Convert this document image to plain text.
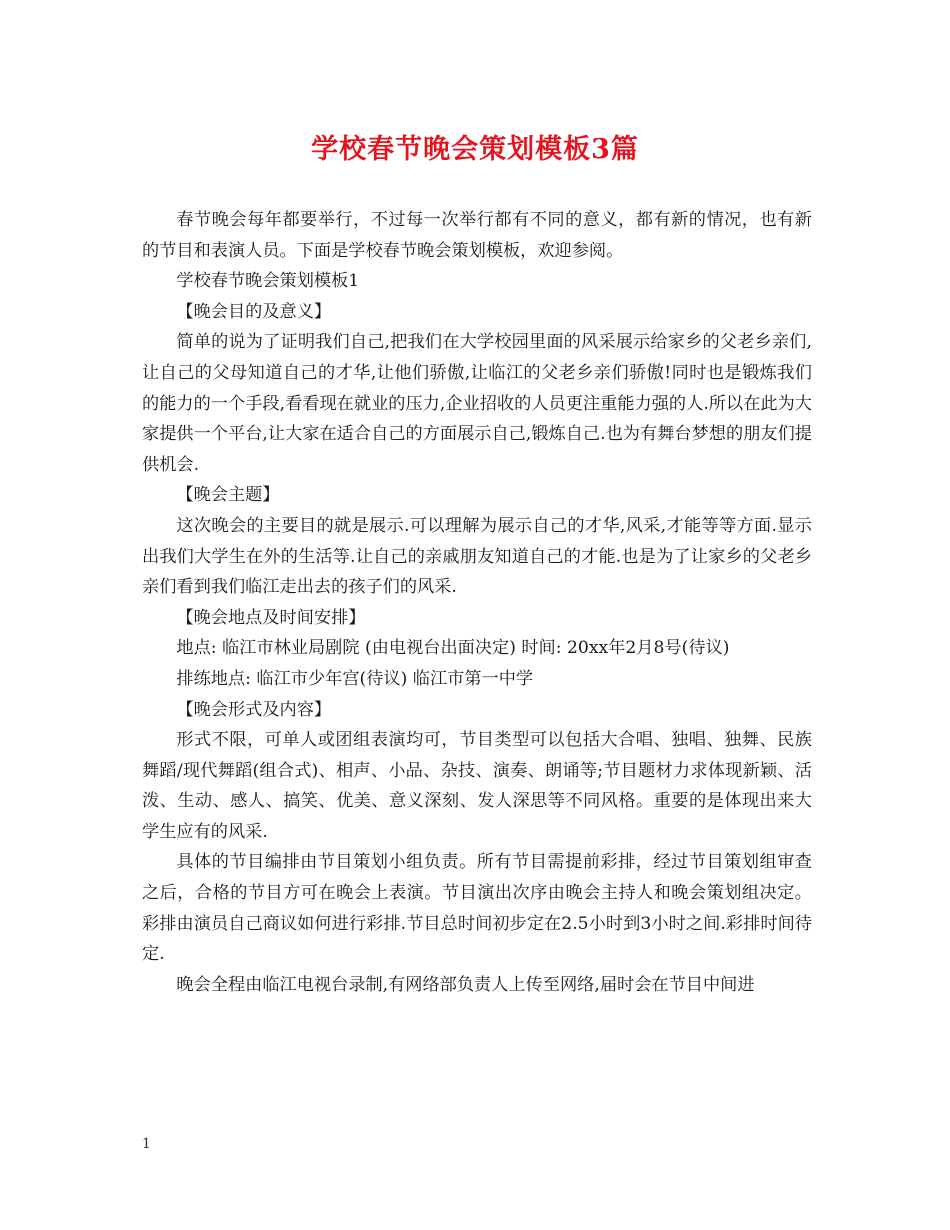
学校春节晚会策划模板3篇

春节晚会每年都要举行，不过每一次举行都有不同的意义，都有新的情况，也有新的节目和表演人员。下面是学校春节晚会策划模板，欢迎参阅。

学校春节晚会策划模板1

【晚会目的及意义】

简单的说为了证明我们自己,把我们在大学校园里面的风采展示给家乡的父老乡亲们,让自己的父母知道自己的才华,让他们骄傲,让临江的父老乡亲们骄傲!同时也是锻炼我们的能力的一个手段,看看现在就业的压力,企业招收的人员更注重能力强的人.所以在此为大家提供一个平台,让大家在适合自己的方面展示自己,锻炼自己.也为有舞台梦想的朋友们提供机会.

【晚会主题】

这次晚会的主要目的就是展示.可以理解为展示自己的才华,风采,才能等等方面.显示出我们大学生在外的生活等.让自己的亲戚朋友知道自己的才能.也是为了让家乡的父老乡亲们看到我们临江走出去的孩子们的风采.

【晚会地点及时间安排】

地点: 临江市林业局剧院 (由电视台出面决定) 时间: 20xx年2月8号(待议)

排练地点: 临江市少年宫(待议) 临江市第一中学

【晚会形式及内容】

形式不限，可单人或团组表演均可，节目类型可以包括大合唱、独唱、独舞、民族舞蹈/现代舞蹈(组合式)、相声、小品、杂技、演奏、朗诵等;节目题材力求体现新颖、活泼、生动、感人、搞笑、优美、意义深刻、发人深思等不同风格。重要的是体现出来大学生应有的风采.

具体的节目编排由节目策划小组负责。所有节目需提前彩排，经过节目策划组审查之后，合格的节目方可在晚会上表演。节目演出次序由晚会主持人和晚会策划组决定。彩排由演员自己商议如何进行彩排.节目总时间初步定在2.5小时到3小时之间.彩排时间待定.

晚会全程由临江电视台录制,有网络部负责人上传至网络,届时会在节目中间进

1
